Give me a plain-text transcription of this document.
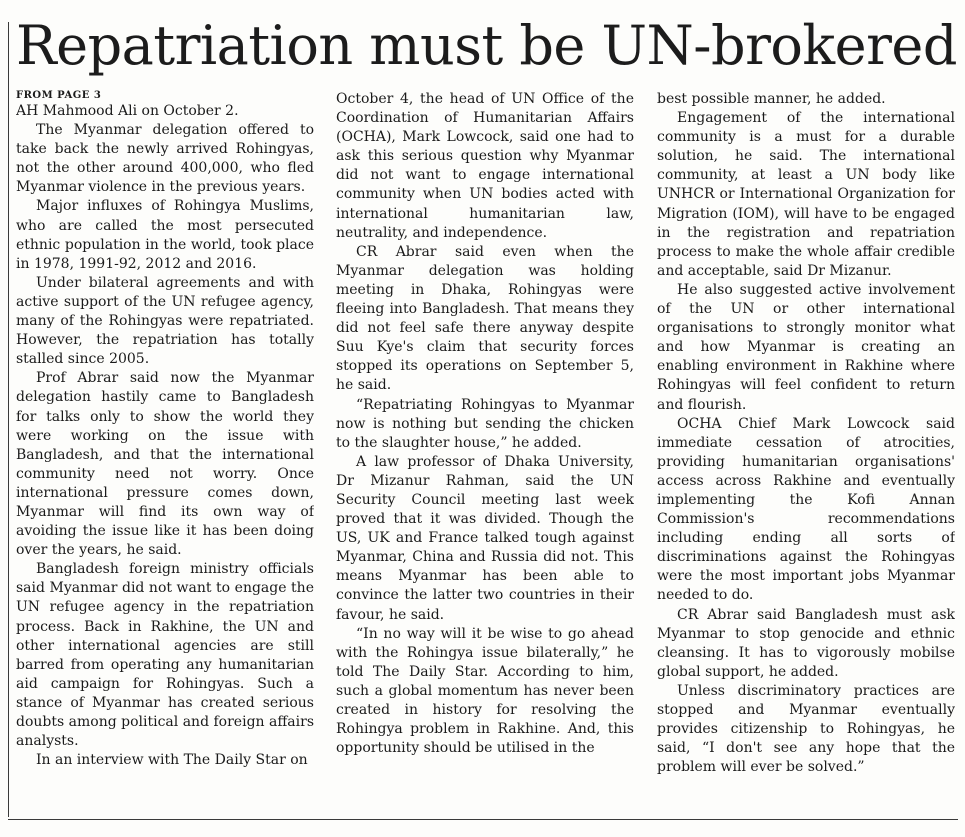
Repatriation must be UN-brokered
FROM PAGE 3

AH Mahmood Ali on October 2.

The Myanmar delegation offered to take back the newly arrived Rohingyas, not the other around 400,000, who fled Myanmar violence in the previous years.

Major influxes of Rohingya Muslims, who are called the most persecuted ethnic population in the world, took place in 1978, 1991-92, 2012 and 2016.

Under bilateral agreements and with active support of the UN refugee agency, many of the Rohingyas were repatriated. However, the repatriation has totally stalled since 2005.

Prof Abrar said now the Myanmar delegation hastily came to Bangladesh for talks only to show the world they were working on the issue with Bangladesh, and that the international community need not worry. Once international pressure comes down, Myanmar will find its own way of avoiding the issue like it has been doing over the years, he said.

Bangladesh foreign ministry officials said Myanmar did not want to engage the UN refugee agency in the repatriation process. Back in Rakhine, the UN and other international agencies are still barred from operating any humanitarian aid campaign for Rohingyas. Such a stance of Myanmar has created serious doubts among political and foreign affairs analysts.

In an interview with The Daily Star on

October 4, the head of UN Office of the Coordination of Humanitarian Affairs (OCHA), Mark Lowcock, said one had to ask this serious question why Myanmar did not want to engage international community when UN bodies acted with international humanitarian law, neutrality, and independence.

CR Abrar said even when the Myanmar delegation was holding meeting in Dhaka, Rohingyas were fleeing into Bangladesh. That means they did not feel safe there anyway despite Suu Kye's claim that security forces stopped its operations on September 5, he said.

“Repatriating Rohingyas to Myanmar now is nothing but sending the chicken to the slaughter house,” he added.

A law professor of Dhaka University, Dr Mizanur Rahman, said the UN Security Council meeting last week proved that it was divided. Though the US, UK and France talked tough against Myanmar, China and Russia did not. This means Myanmar has been able to convince the latter two countries in their favour, he said.

“In no way will it be wise to go ahead with the Rohingya issue bilaterally,” he told The Daily Star. According to him, such a global momentum has never been created in history for resolving the Rohingya problem in Rakhine. And, this opportunity should be utilised in the

best possible manner, he added.

Engagement of the international community is a must for a durable solution, he said. The international community, at least a UN body like UNHCR or International Organization for Migration (IOM), will have to be engaged in the registration and repatriation process to make the whole affair credible and acceptable, said Dr Mizanur.

He also suggested active involvement of the UN or other international organisations to strongly monitor what and how Myanmar is creating an enabling environment in Rakhine where Rohingyas will feel confident to return and flourish.

OCHA Chief Mark Lowcock said immediate cessation of atrocities, providing humanitarian organisations' access across Rakhine and eventually implementing the Kofi Annan Commission's recommendations including ending all sorts of discriminations against the Rohingyas were the most important jobs Myanmar needed to do.

CR Abrar said Bangladesh must ask Myanmar to stop genocide and ethnic cleansing. It has to vigorously mobilse global support, he added.

Unless discriminatory practices are stopped and Myanmar eventually provides citizenship to Rohingyas, he said, “I don't see any hope that the problem will ever be solved.”
